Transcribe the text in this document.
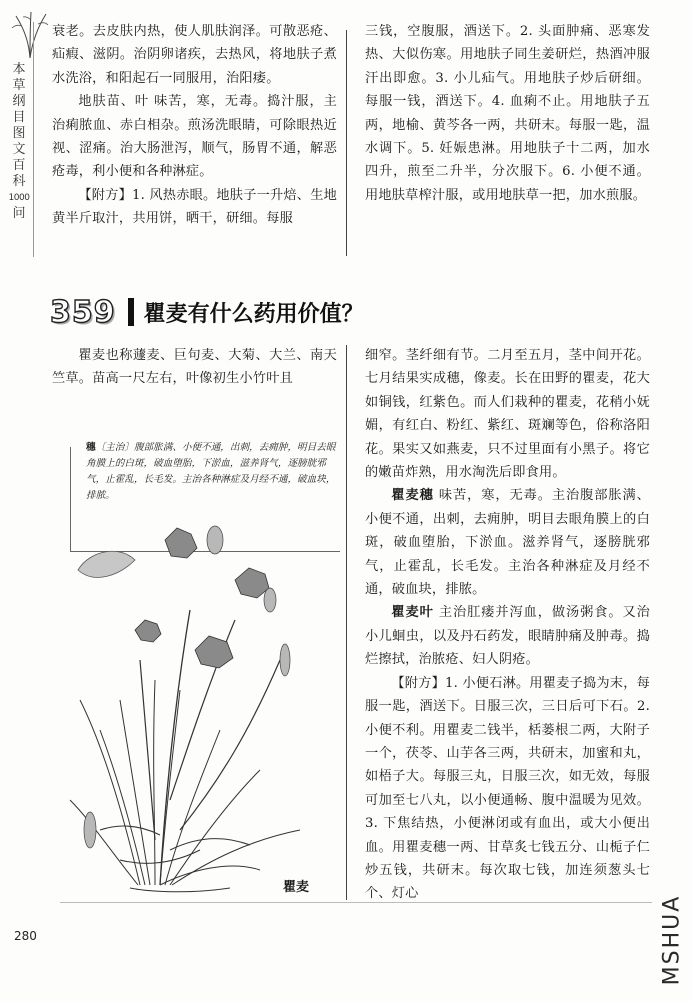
本
草
纲
目
图
文
百
科
1000
问

衰老。去皮肤内热，使人肌肤润泽。可散恶疮、疝瘕、滋阴。治阴卵诸疾，去热风，将地肤子煮水洗浴，和阳起石一同服用，治阳痿。

地肤苗、叶 味苦，寒，无毒。捣汁服，主治痢脓血、赤白相杂。煎汤洗眼睛，可除眼热近视、涩痛。治大肠泄泻，顺气，肠胃不通，解恶疮毒，利小便和各种淋症。

【附方】1. 风热赤眼。地肤子一升焙、生地黄半斤取汁，共用饼，晒干，研细。每服

三钱，空腹服，酒送下。2. 头面肿痛、恶寒发热、大似伤寒。用地肤子同生姜研烂，热酒冲服汗出即愈。3. 小儿疝气。用地肤子炒后研细。每服一钱，酒送下。4. 血痢不止。用地肤子五两，地榆、黄芩各一两，共研末。每服一匙，温水调下。5. 妊娠患淋。用地肤子十二两，加水四升，煎至二升半，分次服下。6. 小便不通。用地肤草榨汁服，或用地肤草一把，加水煎服。

359 瞿麦有什么药用价值？

瞿麦也称蘧麦、巨句麦、大菊、大兰、南天竺草。苗高一尺左右，叶像初生小竹叶且

穗〔主治〕腹部胀满、小便不通，出刺，去痈肿，明目去眼角膜上的白斑，破血堕胎，下淤血，滋养肾气，逐膀胱邪气，止霍乱，长毛发。主治各种淋症及月经不通，破血块，排脓。
瞿麦

细窄。茎纤细有节。二月至五月，茎中间开花。七月结果实成穗，像麦。长在田野的瞿麦，花大如铜钱，红紫色。而人们栽种的瞿麦，花稍小妩媚，有红白、粉红、紫红、斑斓等色，俗称洛阳花。果实又如燕麦，只不过里面有小黑子。将它的嫩苗炸熟，用水淘洗后即食用。

瞿麦穗 味苦，寒，无毒。主治腹部胀满、小便不通，出刺，去痈肿，明目去眼角膜上的白斑，破血堕胎，下淤血。滋养肾气，逐膀胱邪气，止霍乱，长毛发。主治各种淋症及月经不通，破血块，排脓。

瞿麦叶 主治肛瘘并泻血，做汤粥食。又治小儿蛔虫，以及丹石药发，眼睛肿痛及肿毒。捣烂擦拭，治脓疮、妇人阴疮。

【附方】1. 小便石淋。用瞿麦子捣为末，每服一匙，酒送下。日服三次，三日后可下石。2. 小便不利。用瞿麦二钱半，栝蒌根二两，大附子一个，茯苓、山芋各三两，共研末，加蜜和丸，如梧子大。每服三丸，日服三次，如无效，每服可加至七八丸，以小便通畅、腹中温暖为见效。3. 下焦结热，小便淋闭或有血出，或大小便出血。用瞿麦穗一两、甘草炙七钱五分、山栀子仁炒五钱，共研末。每次取七钱，加连须葱头七个、灯心

280	MSHUA
